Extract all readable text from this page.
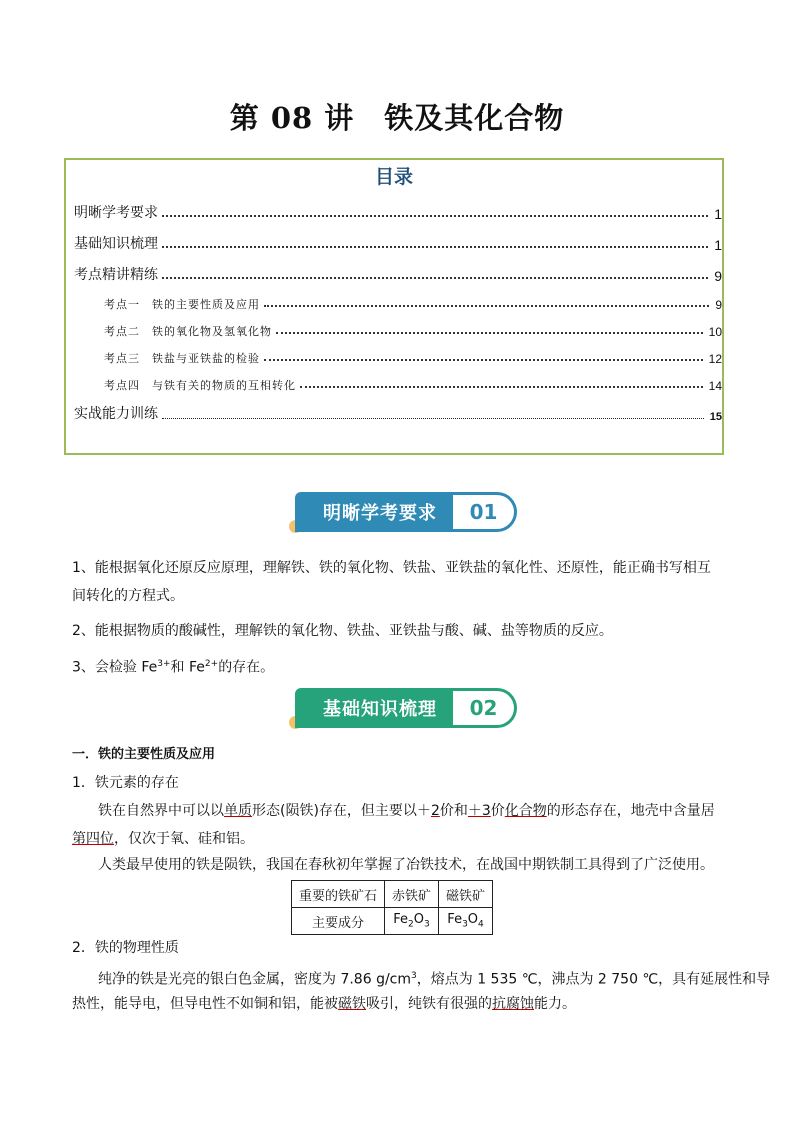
第 08 讲　铁及其化合物
目录
明晰学考要求	1
基础知识梳理	1
考点精讲精练	9
考点一　铁的主要性质及应用	9
考点二　铁的氧化物及氢氧化物	10
考点三　铁盐与亚铁盐的检验	12
考点四　与铁有关的物质的互相转化	14
实战能力训练	15
明晰学考要求	01
1、能根据氧化还原反应原理，理解铁、铁的氧化物、铁盐、亚铁盐的氧化性、还原性，能正确书写相互间转化的方程式。
2、能根据物质的酸碱性，理解铁的氧化物、铁盐、亚铁盐与酸、碱、盐等物质的反应。
3、会检验 $Fe^{3+}$和 $Fe^{2+}$的存在。
基础知识梳理	02
一．铁的主要性质及应用
1．铁元素的存在
铁在自然界中可以以单质形态(陨铁)存在，但主要以＋2价和＋3价化合物的形态存在，地壳中含量居
第四位，仅次于氧、硅和铝。
人类最早使用的铁是陨铁，我国在春秋初年掌握了冶铁技术，在战国中期铁制工具得到了广泛使用。
重要的铁矿石	赤铁矿	磁铁矿
主要成分	$Fe_2O_3$	$Fe_3O_4$
2．铁的物理性质
纯净的铁是光亮的银白色金属，密度为 7.86 $g/cm^3$，熔点为 1 535 ℃，沸点为 2 750 ℃，具有延展性和导
热性，能导电，但导电性不如铜和铝，能被磁铁吸引，纯铁有很强的抗腐蚀能力。
